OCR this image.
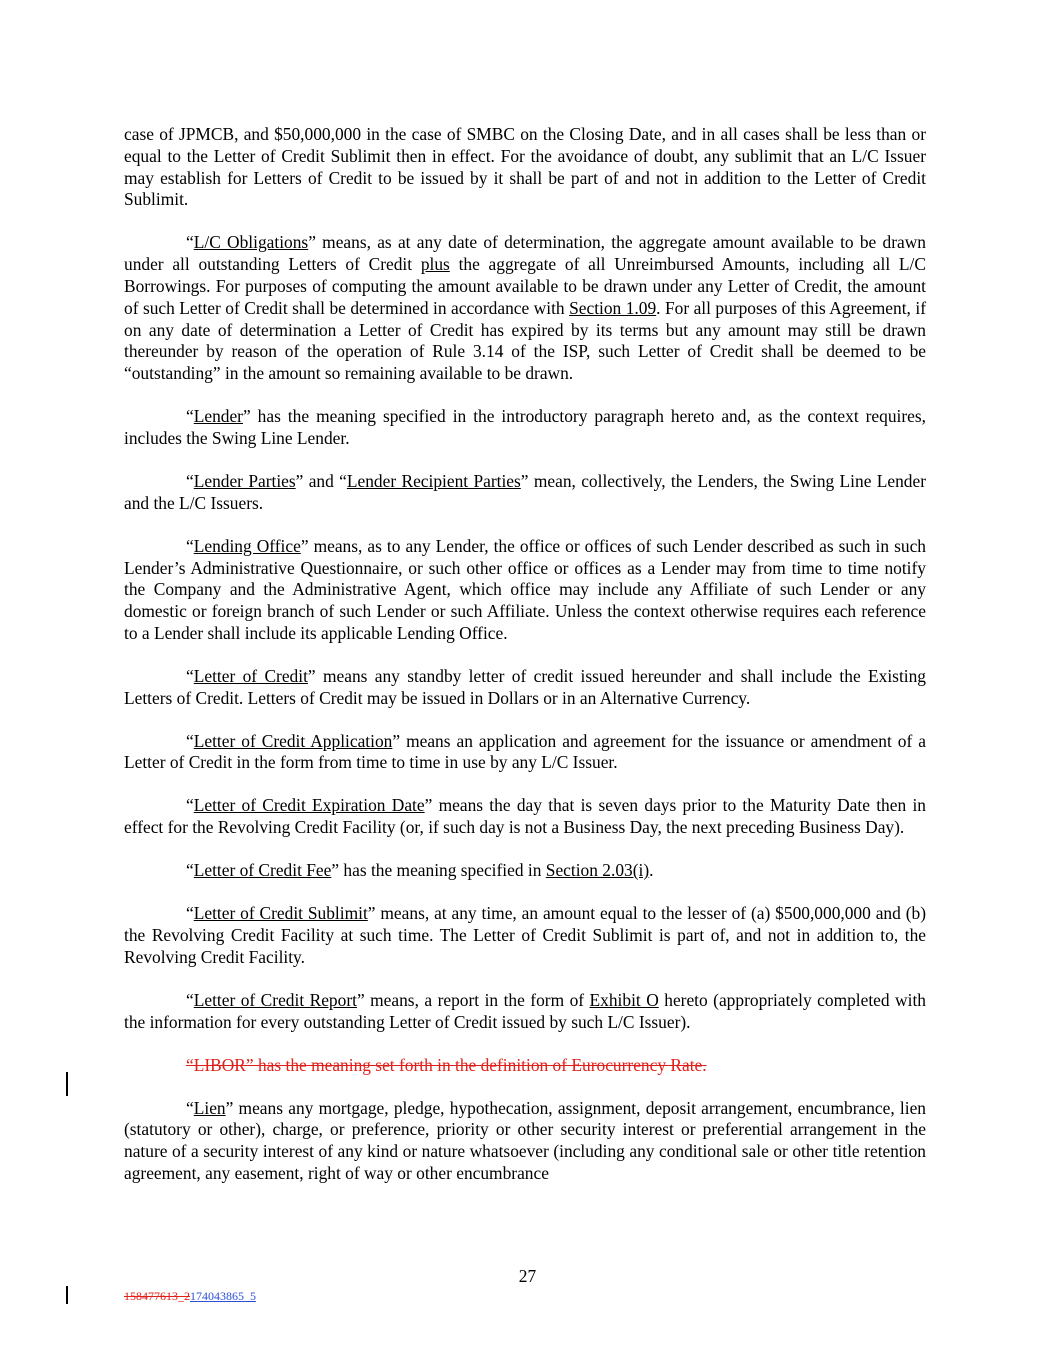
case of JPMCB, and $50,000,000 in the case of SMBC on the Closing Date, and in all cases shall be less than or equal to the Letter of Credit Sublimit then in effect. For the avoidance of doubt, any sublimit that an L/C Issuer may establish for Letters of Credit to be issued by it shall be part of and not in addition to the Letter of Credit Sublimit.

“L/C Obligations” means, as at any date of determination, the aggregate amount available to be drawn under all outstanding Letters of Credit plus the aggregate of all Unreimbursed Amounts, including all L/C Borrowings. For purposes of computing the amount available to be drawn under any Letter of Credit, the amount of such Letter of Credit shall be determined in accordance with Section 1.09. For all purposes of this Agreement, if on any date of determination a Letter of Credit has expired by its terms but any amount may still be drawn thereunder by reason of the operation of Rule 3.14 of the ISP, such Letter of Credit shall be deemed to be “outstanding” in the amount so remaining available to be drawn.

“Lender” has the meaning specified in the introductory paragraph hereto and, as the context requires, includes the Swing Line Lender.

“Lender Parties” and “Lender Recipient Parties” mean, collectively, the Lenders, the Swing Line Lender and the L/C Issuers.

“Lending Office” means, as to any Lender, the office or offices of such Lender described as such in such Lender’s Administrative Questionnaire, or such other office or offices as a Lender may from time to time notify the Company and the Administrative Agent, which office may include any Affiliate of such Lender or any domestic or foreign branch of such Lender or such Affiliate. Unless the context otherwise requires each reference to a Lender shall include its applicable Lending Office.

“Letter of Credit” means any standby letter of credit issued hereunder and shall include the Existing Letters of Credit. Letters of Credit may be issued in Dollars or in an Alternative Currency.

“Letter of Credit Application” means an application and agreement for the issuance or amendment of a Letter of Credit in the form from time to time in use by any L/C Issuer.

“Letter of Credit Expiration Date” means the day that is seven days prior to the Maturity Date then in effect for the Revolving Credit Facility (or, if such day is not a Business Day, the next preceding Business Day).

“Letter of Credit Fee” has the meaning specified in Section 2.03(i).

“Letter of Credit Sublimit” means, at any time, an amount equal to the lesser of (a) $500,000,000 and (b) the Revolving Credit Facility at such time. The Letter of Credit Sublimit is part of, and not in addition to, the Revolving Credit Facility.

“Letter of Credit Report” means, a report in the form of Exhibit O hereto (appropriately completed with the information for every outstanding Letter of Credit issued by such L/C Issuer).

“LIBOR” has the meaning set forth in the definition of Eurocurrency Rate.

“Lien” means any mortgage, pledge, hypothecation, assignment, deposit arrangement, encumbrance, lien (statutory or other), charge, or preference, priority or other security interest or preferential arrangement in the nature of a security interest of any kind or nature whatsoever (including any conditional sale or other title retention agreement, any easement, right of way or other encumbrance

27
158477613_2174043865_5
